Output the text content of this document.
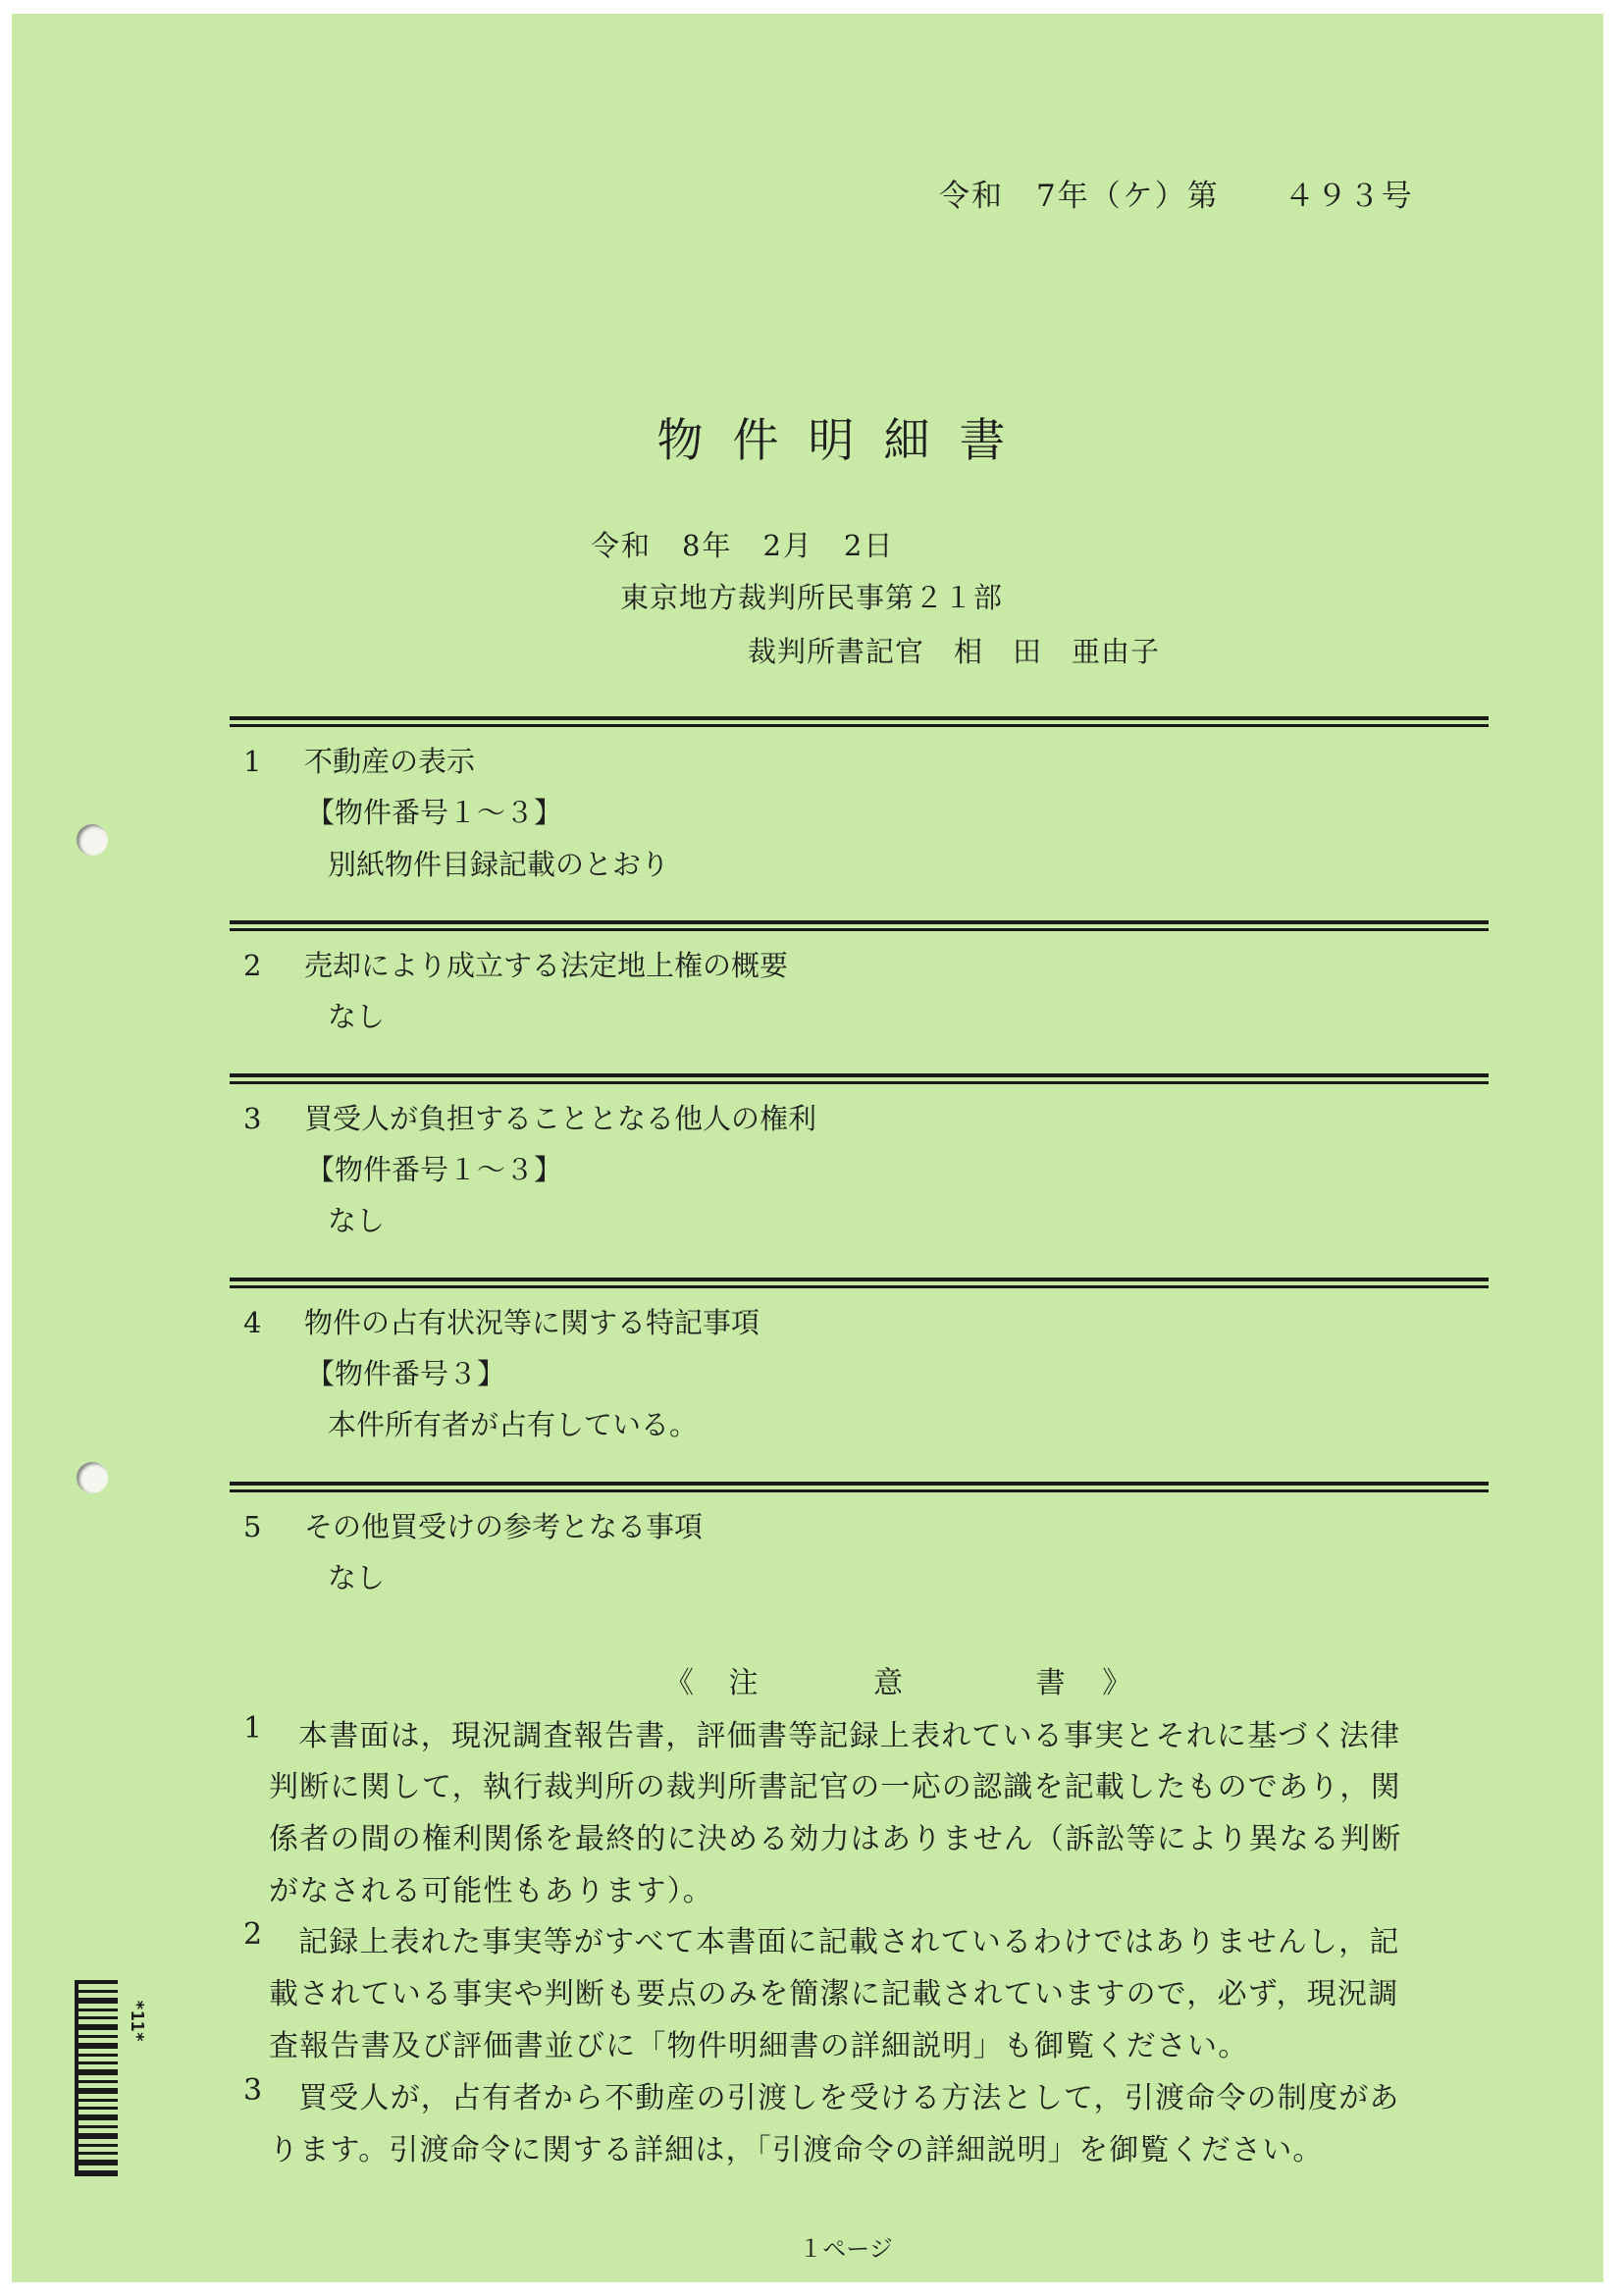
令和　7年（ケ）第　　４９３号
物件明細書
令和　8年　2月　2日
東京地方裁判所民事第２１部
裁判所書記官　相　田　亜由子
1 不動産の表示
【物件番号１～３】
別紙物件目録記載のとおり
2 売却により成立する法定地上権の概要
なし
3 買受人が負担することとなる他人の権利
【物件番号１～３】
なし
4 物件の占有状況等に関する特記事項
【物件番号３】
本件所有者が占有している。
5 その他買受けの参考となる事項
なし
《 注	意	書 》
1 本書面は，現況調査報告書，評価書等記録上表れている事実とそれに基づく法律
判断に関して，執行裁判所の裁判所書記官の一応の認識を記載したものであり，関
係者の間の権利関係を最終的に決める効力はありません（訴訟等により異なる判断
がなされる可能性もあります）。
2 記録上表れた事実等がすべて本書面に記載されているわけではありませんし，記
載されている事実や判断も要点のみを簡潔に記載されていますので，必ず，現況調
査報告書及び評価書並びに「物件明細書の詳細説明」も御覧ください。
3 買受人が，占有者から不動産の引渡しを受ける方法として，引渡命令の制度があ
ります。引渡命令に関する詳細は，「引渡命令の詳細説明」を御覧ください。
*11*
１ページ
